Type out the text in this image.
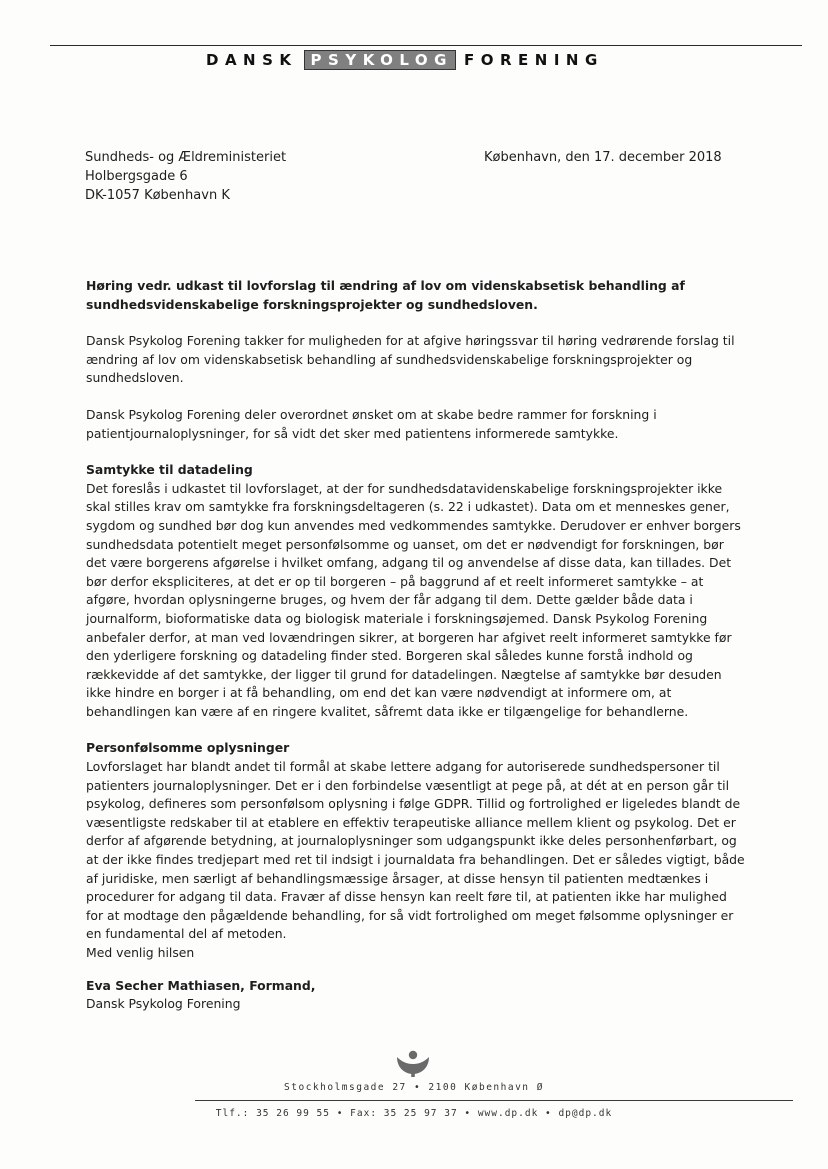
DANSK PSYKOLOG FORENING
Sundheds- og Ældreministeriet
Holbergsgade 6
DK-1057 København K
København, den 17. december 2018

Høring vedr. udkast til lovforslag til ændring af lov om videnskabsetisk behandling af sundhedsvidenskabelige forskningsprojekter og sundhedsloven.

Dansk Psykolog Forening takker for muligheden for at afgive høringssvar til høring vedrørende forslag til ændring af lov om videnskabsetisk behandling af sundhedsvidenskabelige forskningsprojekter og sundhedsloven.

Dansk Psykolog Forening deler overordnet ønsket om at skabe bedre rammer for forskning i patientjournaloplysninger, for så vidt det sker med patientens informerede samtykke.

Samtykke til datadeling

Det foreslås i udkastet til lovforslaget, at der for sundhedsdatavidenskabelige forskningsprojekter ikke skal stilles krav om samtykke fra forskningsdeltageren (s. 22 i udkastet). Data om et menneskes gener, sygdom og sundhed bør dog kun anvendes med vedkommendes samtykke. Derudover er enhver borgers sundhedsdata potentielt meget personfølsomme og uanset, om det er nødvendigt for forskningen, bør det være borgerens afgørelse i hvilket omfang, adgang til og anvendelse af disse data, kan tillades. Det bør derfor ekspliciteres, at det er op til borgeren – på baggrund af et reelt informeret samtykke – at afgøre, hvordan oplysningerne bruges, og hvem der får adgang til dem. Dette gælder både data i journalform, bioformatiske data og biologisk materiale i forskningsøjemed. Dansk Psykolog Forening anbefaler derfor, at man ved lovændringen sikrer, at borgeren har afgivet reelt informeret samtykke før den yderligere forskning og datadeling finder sted. Borgeren skal således kunne forstå indhold og rækkevidde af det samtykke, der ligger til grund for datadelingen. Nægtelse af samtykke bør desuden ikke hindre en borger i at få behandling, om end det kan være nødvendigt at informere om, at behandlingen kan være af en ringere kvalitet, såfremt data ikke er tilgængelige for behandlerne.

Personfølsomme oplysninger

Lovforslaget har blandt andet til formål at skabe lettere adgang for autoriserede sundhedspersoner til patienters journaloplysninger. Det er i den forbindelse væsentligt at pege på, at dét at en person går til psykolog, defineres som personfølsom oplysning i følge GDPR. Tillid og fortrolighed er ligeledes blandt de væsentligste redskaber til at etablere en effektiv terapeutiske alliance mellem klient og psykolog. Det er derfor af afgørende betydning, at journaloplysninger som udgangspunkt ikke deles personhenførbart, og at der ikke findes tredjepart med ret til indsigt i journaldata fra behandlingen. Det er således vigtigt, både af juridiske, men særligt af behandlingsmæssige årsager, at disse hensyn til patienten medtænkes i procedurer for adgang til data. Fravær af disse hensyn kan reelt føre til, at patienten ikke har mulighed for at modtage den pågældende behandling, for så vidt fortrolighed om meget følsomme oplysninger er en fundamental del af metoden.

Med venlig hilsen

Eva Secher Mathiasen, Formand,

Dansk Psykolog Forening

Stockholmsgade 27 • 2100 København Ø
Tlf.: 35 26 99 55 • Fax: 35 25 97 37 • www.dp.dk • dp@dp.dk
